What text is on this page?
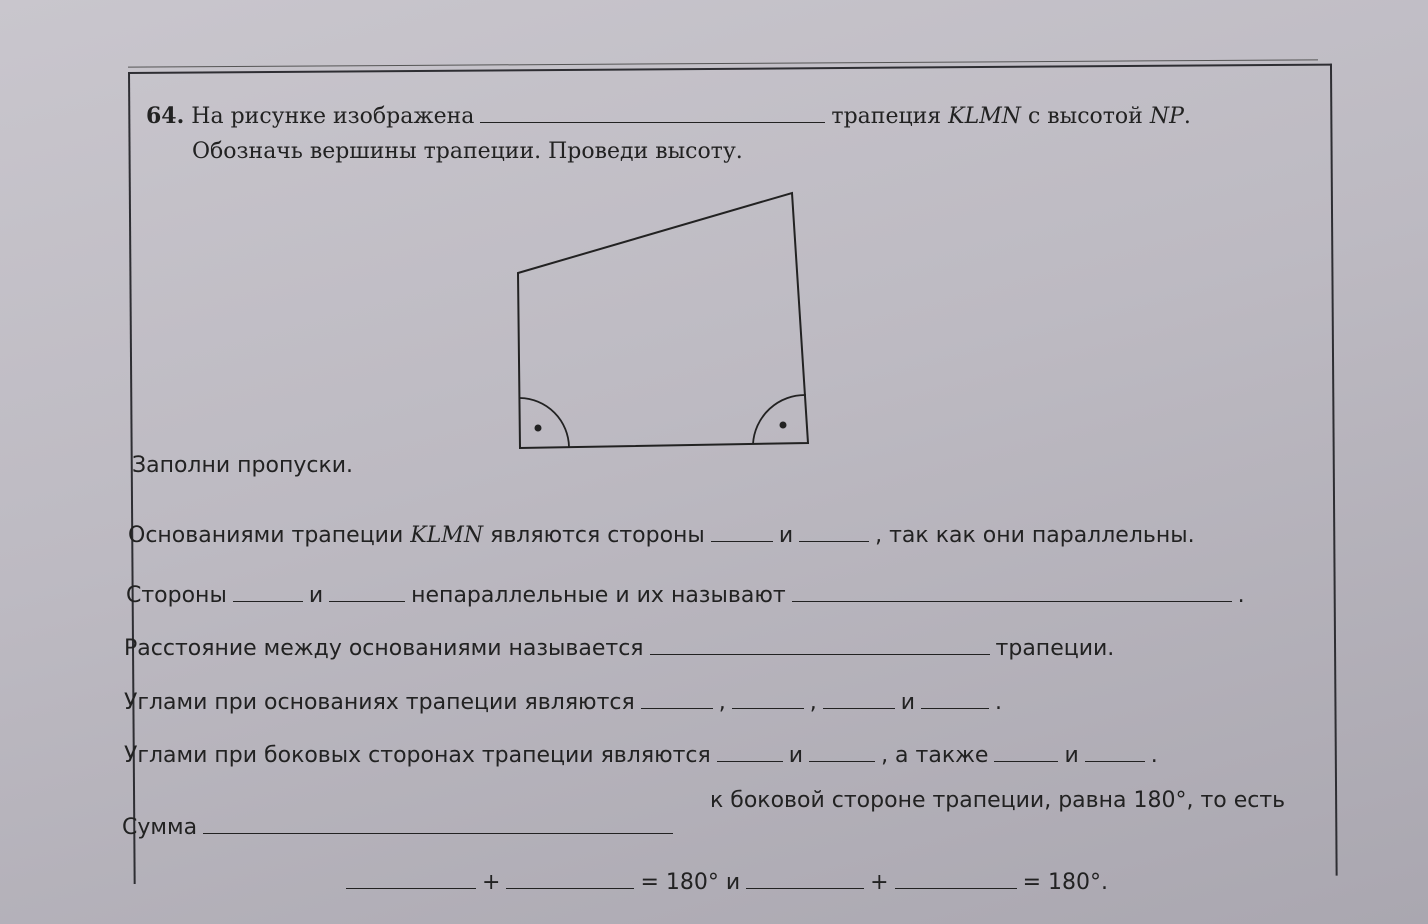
64. На рисунке изображена	трапеция KLMN с высотой NP.
Обозначь вершины трапеции. Проведи высоту.
Заполни пропуски.
Основаниями трапеции KLMN являются стороны	и	, так как они параллельны.
Стороны	и	непараллельные и их называют	.
Расстояние между основаниями называется	трапеции.
Углами при основаниях трапеции являются	,	,	и	.
Углами при боковых сторонах трапеции являются	и	, а также	и	.
к боковой стороне трапеции, равна 180°, то есть
Сумма
+	= 180° и	+	= 180°.
